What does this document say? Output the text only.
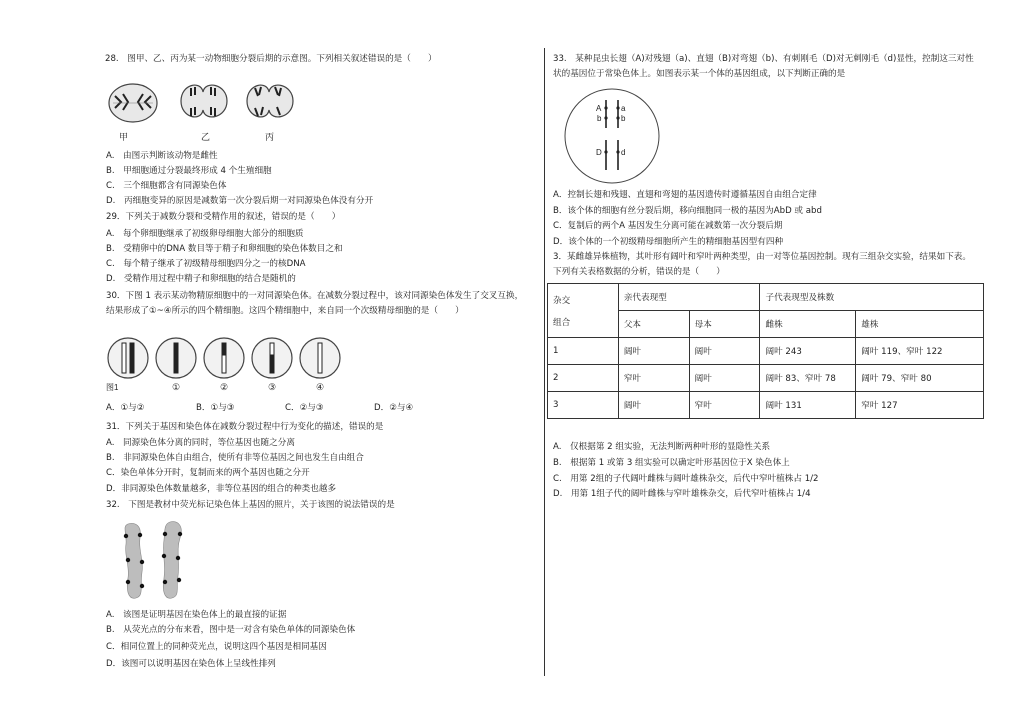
28.　图甲、乙、丙为某一动物细胞分裂后期的示意图。下列相关叙述错误的是（　　）
甲	乙	丙
A.　由图示判断该动物是雌性
B.　甲细胞通过分裂最终形成 4 个生殖细胞
C.　三个细胞都含有同源染色体
D.　丙细胞变异的原因是减数第一次分裂后期一对同源染色体没有分开
29．下列关于减数分裂和受精作用的叙述，错误的是（　　）
A.　每个卵细胞继承了初级卵母细胞大部分的细胞质
B.　受精卵中的DNA 数目等于精子和卵细胞的染色体数目之和
C.　每个精子继承了初级精母细胞四分之一的核DNA
D.　受精作用过程中精子和卵细胞的结合是随机的
30．下图 1 表示某动物精原细胞中的一对同源染色体。在减数分裂过程中，该对同源染色体发生了交叉互换，
结果形成了①~④所示的四个精细胞。这四个精细胞中，来自同一个次级精母细胞的是（　　）
图1	①	②	③	④
A．①与②	B．①与③	C．②与③	D．②与④
31．下列关于基因和染色体在减数分裂过程中行为变化的描述，错误的是
A.　同源染色体分离的同时，等位基因也随之分离
B.　非同源染色体自由组合，使所有非等位基因之间也发生自由组合
C．染色单体分开时，复制而来的两个基因也随之分开
D．非同源染色体数量越多，非等位基因的组合的种类也越多
32.　下图是教材中荧光标记染色体上基因的照片，关于该图的说法错误的是
A.　该图是证明基因在染色体上的最直接的证据
B.　从荧光点的分布来看，图中是一对含有染色单体的同源染色体
C．相同位置上的同种荧光点，说明这四个基因是相同基因
D．该图可以说明基因在染色体上呈线性排列
33.　某种昆虫长翅（A)对残翅（a)、直翅（B)对弯翅（b)、有刺刚毛（D)对无刺刚毛（d)显性，控制这三对性
状的基因位于常染色体上。如图表示某一个体的基因组成，以下判断正确的是
A a
b b
D d
A．控制长翅和残翅、直翅和弯翅的基因遗传时遵循基因自由组合定律
B．该个体的细胞有丝分裂后期，移向细胞同一极的基因为AbD 或 abd
C．复制后的两个A 基因发生分离可能在减数第一次分裂后期
D．该个体的一个初级精母细胞所产生的精细胞基因型有四种
3．某雌雄异株植物，其叶形有阔叶和窄叶两种类型，由一对等位基因控制。现有三组杂交实验，结果如下表。
下列有关表格数据的分析，错误的是（　　）
杂交
组合	亲代表现型		子代表现型及株数	
	父本	母本	雌株	雄株
1	阔叶	阔叶	阔叶 243	阔叶 119、窄叶 122
2	窄叶	阔叶	阔叶 83、窄叶 78	阔叶 79、窄叶 80
3	阔叶	窄叶	阔叶 131	窄叶 127
A.　仅根据第 2 组实验，无法判断两种叶形的显隐性关系
B.　根据第 1 或第 3 组实验可以确定叶形基因位于X 染色体上
C.　用第 2组的子代阔叶雌株与阔叶雄株杂交，后代中窄叶植株占 1/2
D.　用第 1组子代的阔叶雌株与窄叶雄株杂交，后代窄叶植株占 1/4
